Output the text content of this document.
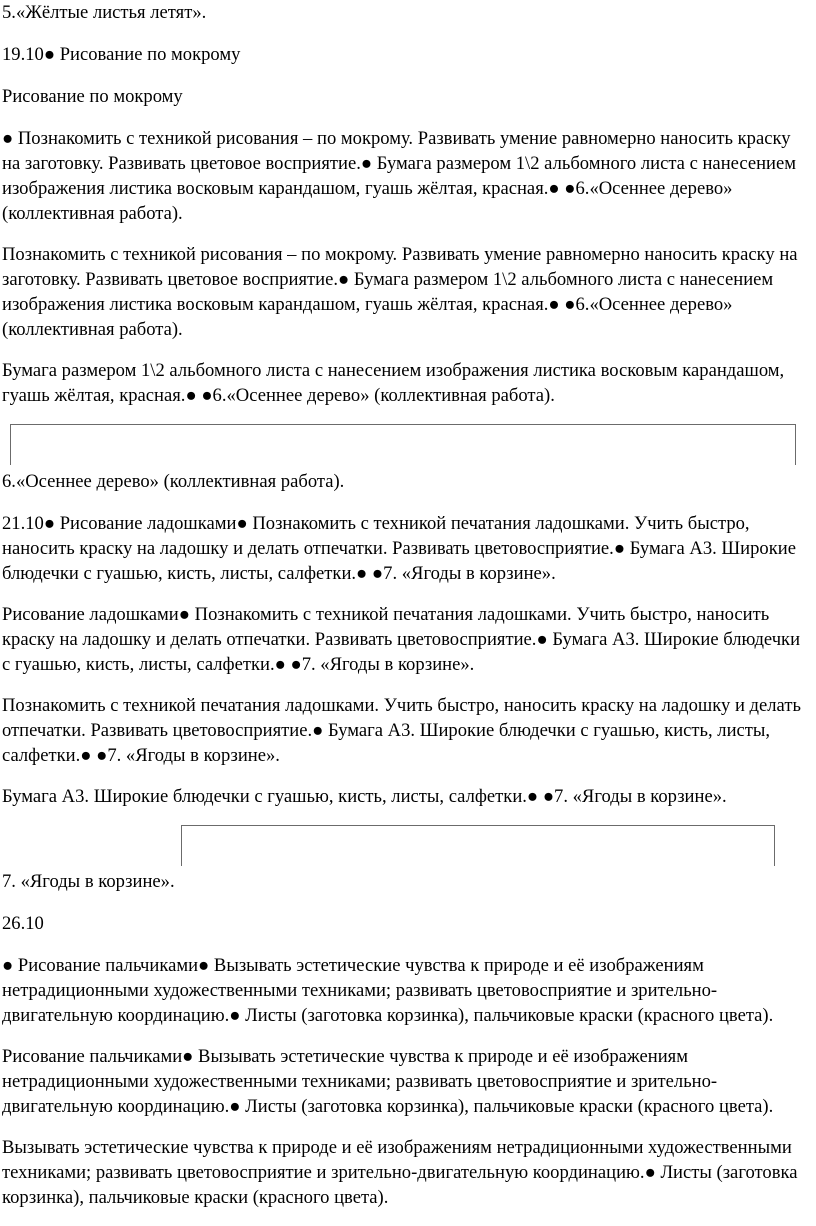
5.«Жёлтые листья летят».

19.10● Рисование по мокрому

Рисование по мокрому

● Познакомить с техникой рисования – по мокрому. Развивать умение равномерно наносить краску на заготовку. Развивать цветовое восприятие.● Бумага размером 1\2 альбомного листа с нанесением изображения листика восковым карандашом, гуашь жёлтая, красная.● ●6.«Осеннее дерево» (коллективная работа).

Познакомить с техникой рисования – по мокрому. Развивать умение равномерно наносить краску на заготовку. Развивать цветовое восприятие.● Бумага размером 1\2 альбомного листа с нанесением изображения листика восковым карандашом, гуашь жёлтая, красная.● ●6.«Осеннее дерево» (коллективная работа).

Бумага размером 1\2 альбомного листа с нанесением изображения листика восковым карандашом, гуашь жёлтая, красная.● ●6.«Осеннее дерево» (коллективная работа).

6.«Осеннее дерево» (коллективная работа).

21.10● Рисование ладошками● Познакомить с техникой печатания ладошками. Учить быстро, наносить краску на ладошку и делать отпечатки. Развивать цветовосприятие.● Бумага А3. Широкие блюдечки с гуашью, кисть, листы, салфетки.● ●7. «Ягоды в корзине».

Рисование ладошками● Познакомить с техникой печатания ладошками. Учить быстро, наносить краску на ладошку и делать отпечатки. Развивать цветовосприятие.● Бумага А3. Широкие блюдечки с гуашью, кисть, листы, салфетки.● ●7. «Ягоды в корзине».

Познакомить с техникой печатания ладошками. Учить быстро, наносить краску на ладошку и делать отпечатки. Развивать цветовосприятие.● Бумага А3. Широкие блюдечки с гуашью, кисть, листы, салфетки.● ●7. «Ягоды в корзине».

Бумага А3. Широкие блюдечки с гуашью, кисть, листы, салфетки.● ●7. «Ягоды в корзине».

7. «Ягоды в корзине».

26.10

● Рисование пальчиками● Вызывать эстетические чувства к природе и её изображениям нетрадиционными художественными техниками; развивать цветовосприятие и зрительно-двигательную координацию.● Листы (заготовка корзинка), пальчиковые краски (красного цвета).

Рисование пальчиками● Вызывать эстетические чувства к природе и её изображениям нетрадиционными художественными техниками; развивать цветовосприятие и зрительно-двигательную координацию.● Листы (заготовка корзинка), пальчиковые краски (красного цвета).

Вызывать эстетические чувства к природе и её изображениям нетрадиционными художественными техниками; развивать цветовосприятие и зрительно-двигательную координацию.● Листы (заготовка корзинка), пальчиковые краски (красного цвета).
